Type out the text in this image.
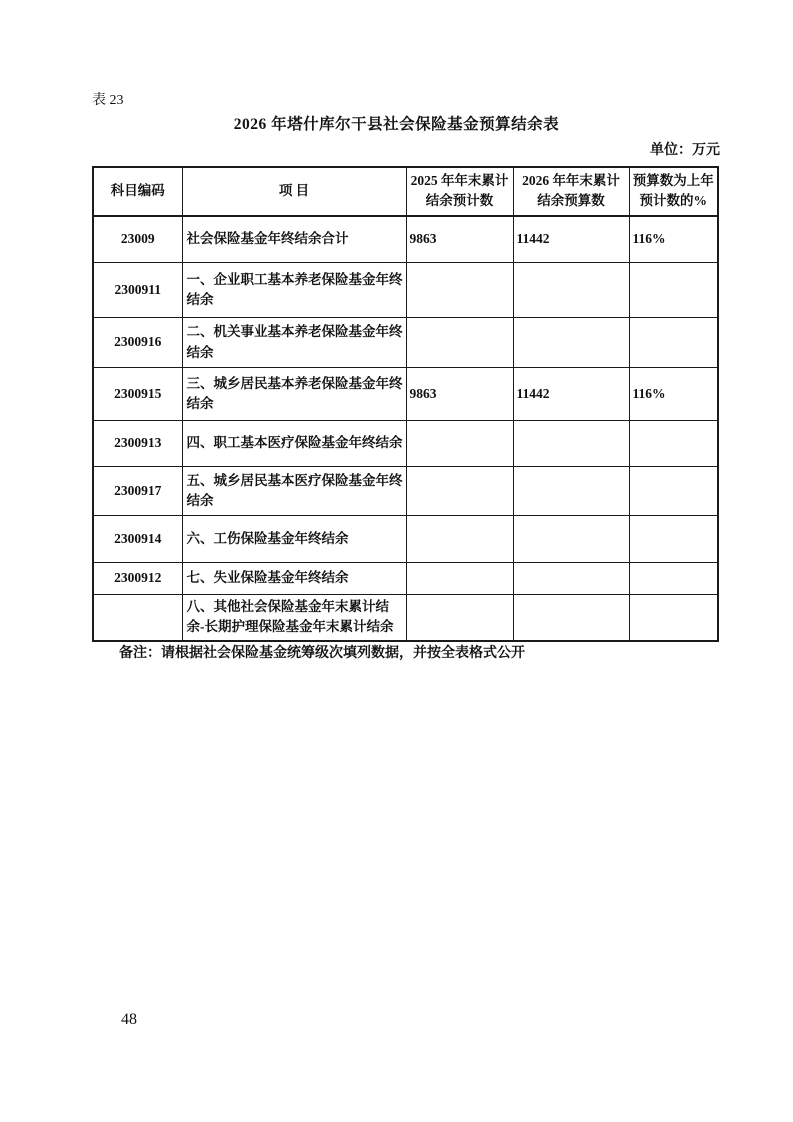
表 23
2026 年塔什库尔干县社会保险基金预算结余表
单位：万元
科目编码	项 目	2025 年年末累计结余预计数	2026 年年末累计结余预算数	预算数为上年预计数的%
23009	社会保险基金年终结余合计	9863	11442	116%
2300911	一、企业职工基本养老保险基金年终结余			
2300916	二、机关事业基本养老保险基金年终结余			
2300915	三、城乡居民基本养老保险基金年终结余	9863	11442	116%
2300913	四、职工基本医疗保险基金年终结余			
2300917	五、城乡居民基本医疗保险基金年终结余			
2300914	六、工伤保险基金年终结余			
2300912	七、失业保险基金年终结余			
	八、其他社会保险基金年末累计结余-长期护理保险基金年末累计结余			
备注：请根据社会保险基金统筹级次填列数据，并按全表格式公开
48
